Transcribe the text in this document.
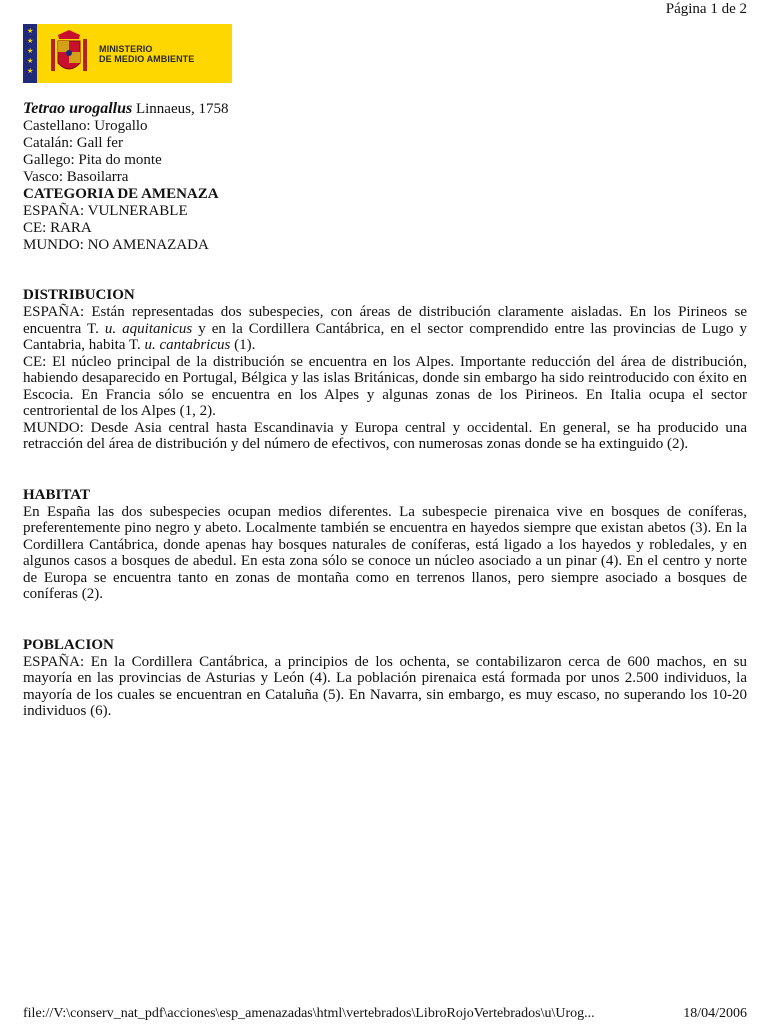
Página 1 de 2
★
★
★
★
★
MINISTERIO
DE MEDIO AMBIENTE

Tetrao urogallus Linnaeus, 1758

Castellano: Urogallo

Catalán: Gall fer

Gallego: Pita do monte

Vasco: Basoilarra

CATEGORIA DE AMENAZA

ESPAÑA: VULNERABLE

CE: RARA

MUNDO: NO AMENAZADA

DISTRIBUCION

ESPAÑA: Están representadas dos subespecies, con áreas de distribución claramente aisladas. En los Pirineos se encuentra T. u. aquitanicus y en la Cordillera Cantábrica, en el sector comprendido entre las provincias de Lugo y Cantabria, habita T. u. cantabricus (1).

CE: El núcleo principal de la distribución se encuentra en los Alpes. Importante reducción del área de distribución, habiendo desaparecido en Portugal, Bélgica y las islas Británicas, donde sin embargo ha sido reintroducido con éxito en Escocia. En Francia sólo se encuentra en los Alpes y algunas zonas de los Pirineos. En Italia ocupa el sector centroriental de los Alpes (1, 2).

MUNDO: Desde Asia central hasta Escandinavia y Europa central y occidental. En general, se ha producido una retracción del área de distribución y del número de efectivos, con numerosas zonas donde se ha extinguido (2).

HABITAT

En España las dos subespecies ocupan medios diferentes. La subespecie pirenaica vive en bosques de coníferas, preferentemente pino negro y abeto. Localmente también se encuentra en hayedos siempre que existan abetos (3). En la Cordillera Cantábrica, donde apenas hay bosques naturales de coníferas, está ligado a los hayedos y robledales, y en algunos casos a bosques de abedul. En esta zona sólo se conoce un núcleo asociado a un pinar (4). En el centro y norte de Europa se encuentra tanto en zonas de montaña como en terrenos llanos, pero siempre asociado a bosques de coníferas (2).

POBLACION

ESPAÑA: En la Cordillera Cantábrica, a principios de los ochenta, se contabilizaron cerca de 600 machos, en su mayoría en las provincias de Asturias y León (4). La población pirenaica está formada por unos 2.500 individuos, la mayoría de los cuales se encuentran en Cataluña (5). En Navarra, sin embargo, es muy escaso, no superando los 10-20 individuos (6).

file://V:\conserv_nat_pdf\acciones\esp_amenazadas\html\vertebrados\LibroRojoVertebrados\u\Urog...	18/04/2006
